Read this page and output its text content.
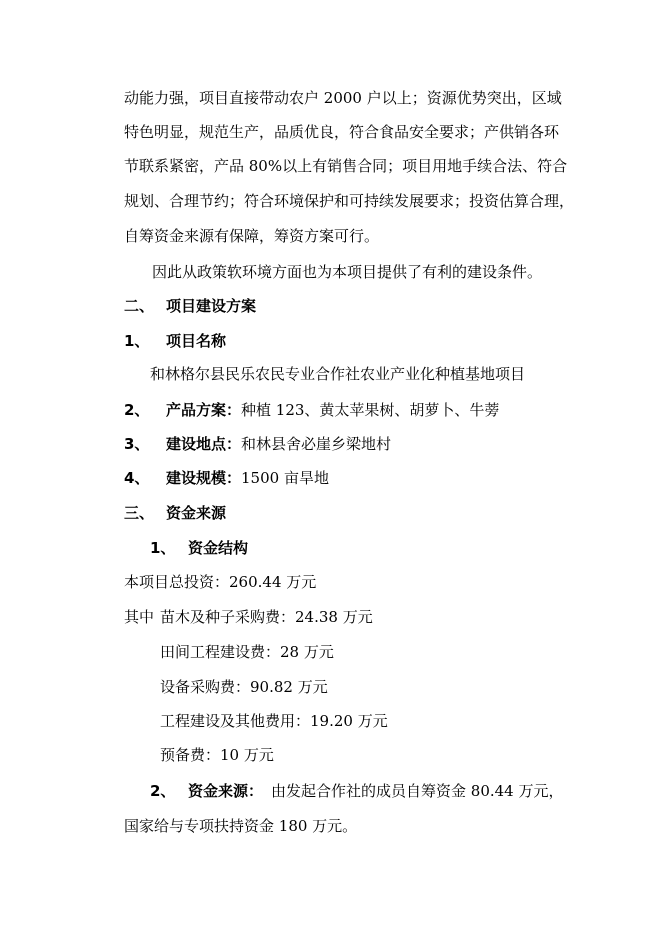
动能力强，项目直接带动农户 2000 户以上；资源优势突出，区域
特色明显，规范生产，品质优良，符合食品安全要求；产供销各环
节联系紧密，产品 80%以上有销售合同；项目用地手续合法、符合
规划、合理节约；符合环境保护和可持续发展要求；投资估算合理，
自筹资金来源有保障，筹资方案可行。
因此从政策软环境方面也为本项目提供了有利的建设条件。
二、 项目建设方案
1、 项目名称
和林格尔县民乐农民专业合作社农业产业化种植基地项目
2、 产品方案：种植 123、黄太苹果树、胡萝卜、牛蒡
3、 建设地点：和林县舍必崖乡梁地村
4、 建设规模：1500 亩旱地
三、 资金来源
1、 资金结构
本项目总投资：260.44 万元
其中 苗木及种子采购费：24.38 万元
田间工程建设费：28 万元
设备采购费：90.82 万元
工程建设及其他费用：19.20 万元
预备费：10 万元
2、 资金来源： 由发起合作社的成员自筹资金 80.44 万元，
国家给与专项扶持资金 180 万元。
